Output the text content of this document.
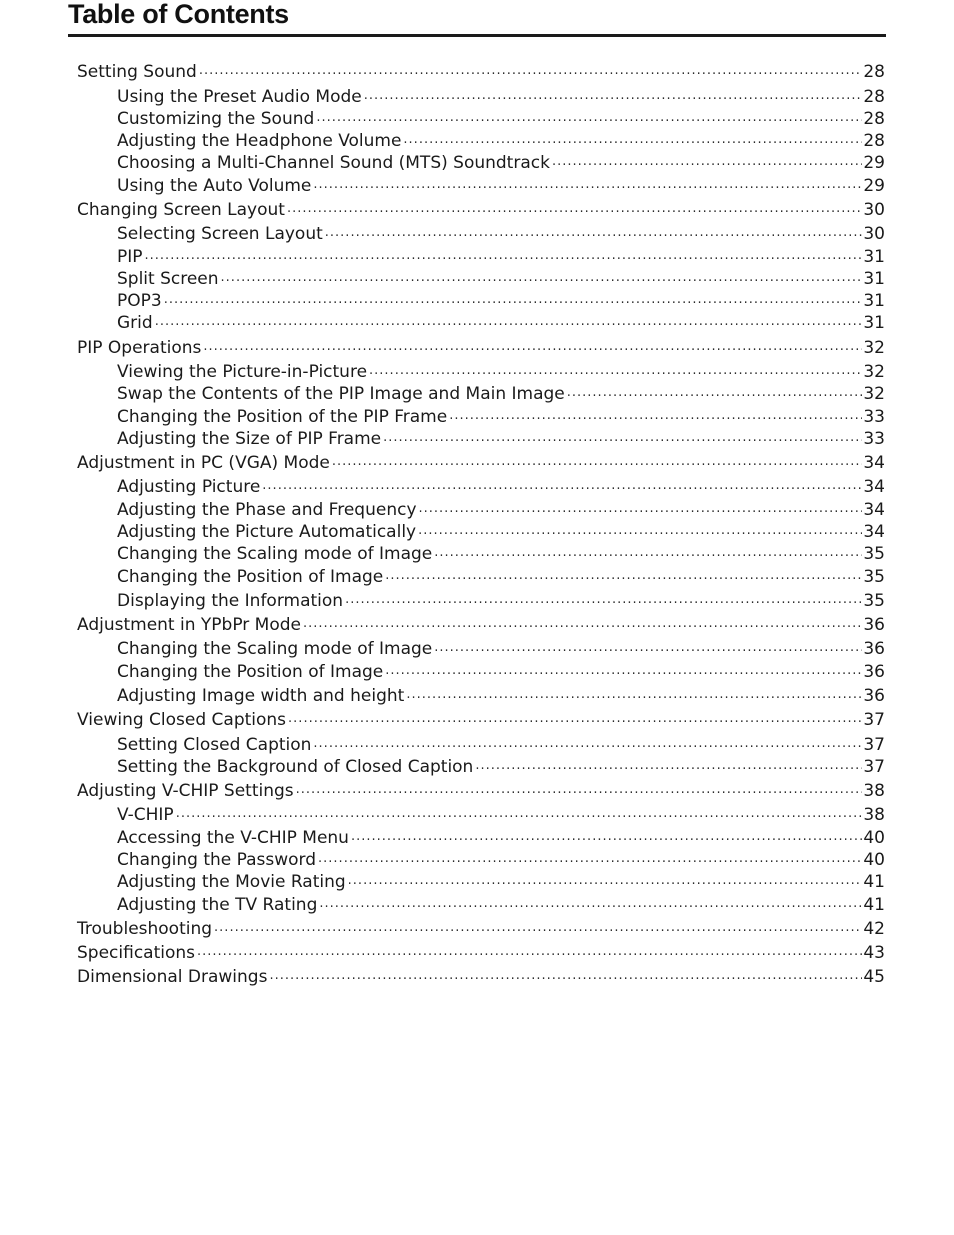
Table of Contents
Setting Sound .....	28
Using the Preset Audio Mode .....	28
Customizing the Sound .....	28
Adjusting the Headphone Volume .....	28
Choosing a Multi-Channel Sound (MTS) Soundtrack .....	29
Using the Auto Volume .....	29
Changing Screen Layout .....	30
Selecting Screen Layout .....	30
PIP .....	31
Split Screen .....	31
POP3 .....	31
Grid .....	31
PIP Operations .....	32
Viewing the Picture-in-Picture .....	32
Swap the Contents of the PIP Image and Main Image .....	32
Changing the Position of the PIP Frame .....	33
Adjusting the Size of PIP Frame .....	33
Adjustment in PC (VGA) Mode .....	34
Adjusting Picture .....	34
Adjusting the Phase and Frequency .....	34
Adjusting the Picture Automatically .....	34
Changing the Scaling mode of Image .....	35
Changing the Position of Image .....	35
Displaying the Information .....	35
Adjustment in YPbPr Mode .....	36
Changing the Scaling mode of Image .....	36
Changing the Position of Image .....	36
Adjusting Image width and height .....	36
Viewing Closed Captions .....	37
Setting Closed Caption .....	37
Setting the Background of Closed Caption .....	37
Adjusting V-CHIP Settings .....	38
V-CHIP .....	38
Accessing the V-CHIP Menu .....	40
Changing the Password .....	40
Adjusting the Movie Rating .....	41
Adjusting the TV Rating .....	41
Troubleshooting .....	42
Specifications .....	43
Dimensional Drawings .....	45
